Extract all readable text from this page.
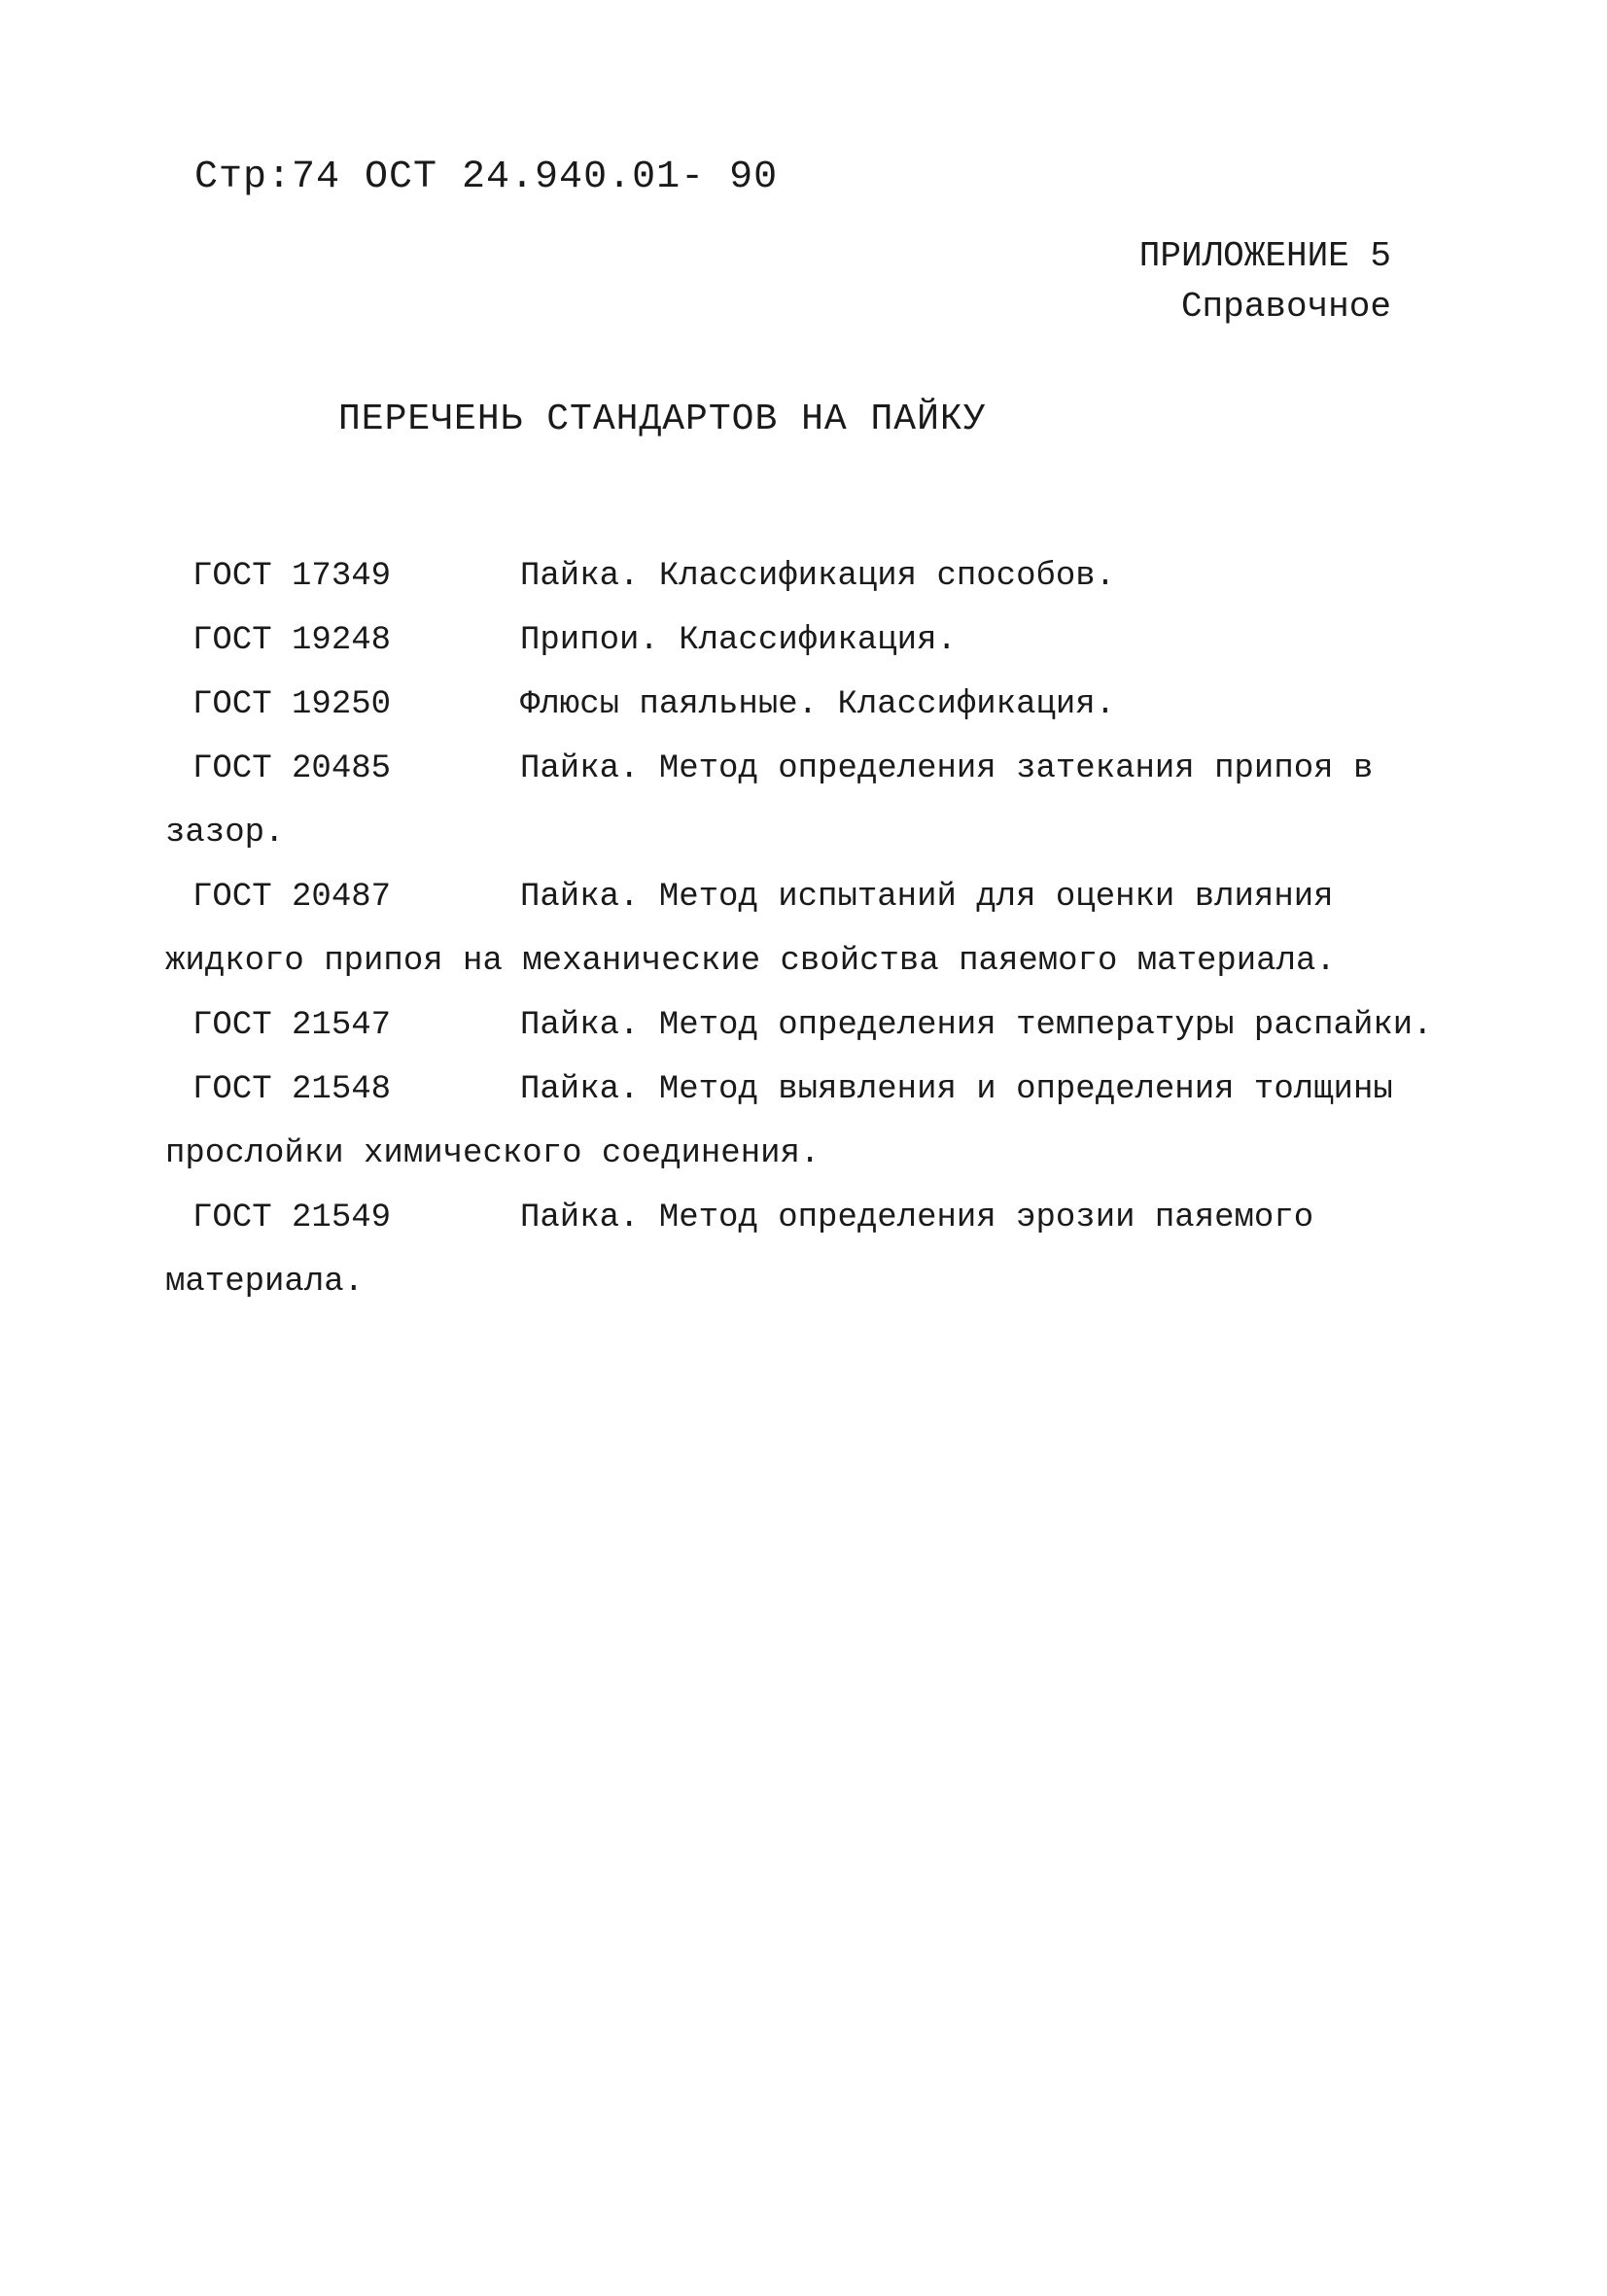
Стр:74 ОСТ 24.940.01- 90
ПРИЛОЖЕНИЕ 5
Справочное
ПЕРЕЧЕНЬ СТАНДАРТОВ НА ПАЙКУ
ГОСТ 17349	Пайка. Классификация способов.
ГОСТ 19248	Припои. Классификация.
ГОСТ 19250	Флюсы паяльные. Классификация.
ГОСТ 20485	Пайка. Метод определения затекания припоя в зазор.
ГОСТ 20487	Пайка. Метод испытаний для оценки влияния жидкого припоя на механические свойства паяемого материала.
ГОСТ 21547	Пайка. Метод определения температуры распайки.
ГОСТ 21548	Пайка. Метод выявления и определения толщины прослойки химического соединения.
ГОСТ 21549	Пайка. Метод определения эрозии паяемого материала.
